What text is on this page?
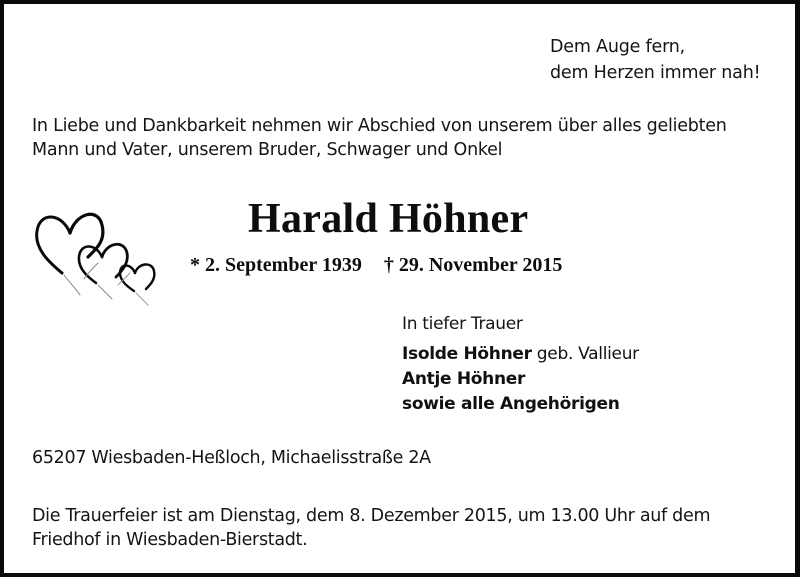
Dem Auge fern,
dem Herzen immer nah!
In Liebe und Dankbarkeit nehmen wir Abschied von unserem über alles geliebten
Mann und Vater, unserem Bruder, Schwager und Onkel
Harald Höhner
* 2. September 1939 † 29. November 2015
In tiefer Trauer
Isolde Höhner geb. Vallieur
Antje Höhner
sowie alle Angehörigen
65207 Wiesbaden-Heßloch, Michaelisstraße 2A
Die Trauerfeier ist am Dienstag, dem 8. Dezember 2015, um 13.00 Uhr auf dem
Friedhof in Wiesbaden-Bierstadt.
